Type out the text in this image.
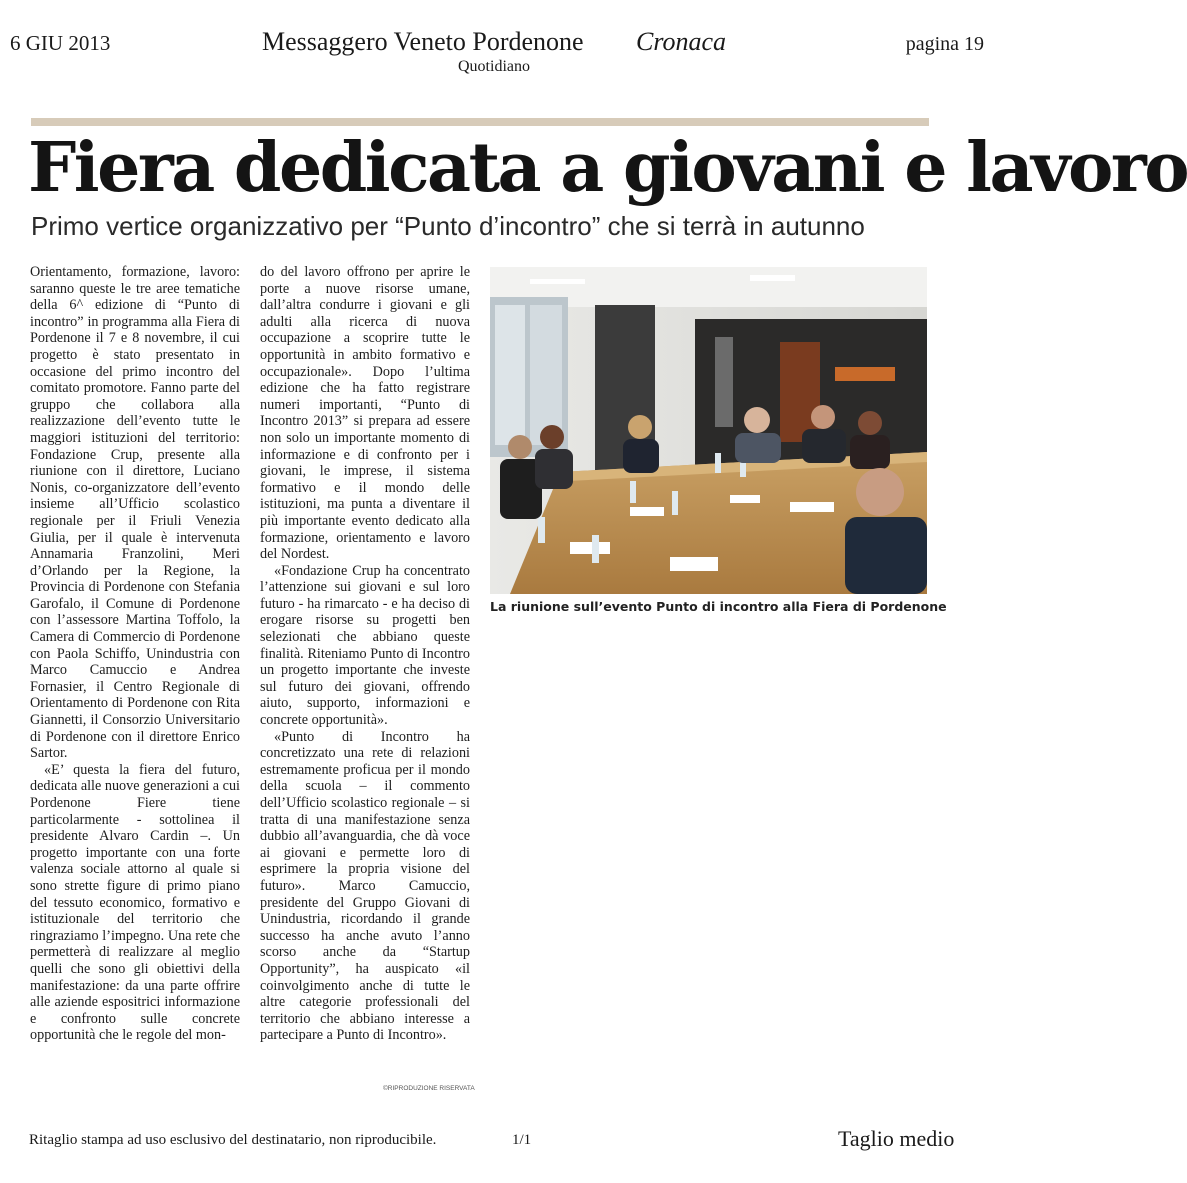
6 GIU 2013	Messaggero Veneto Pordenone Cronaca
Quotidiano
pagina 19
Fiera dedicata a giovani e lavoro
Primo vertice organizzativo per “Punto d’incontro” che si terrà in autunno

Orientamento, formazione, lavoro: saranno queste le tre aree tematiche della 6^ edizione di “Punto di incontro” in programma alla Fiera di Pordenone il 7 e 8 novembre, il cui progetto è stato presentato in occasione del primo incontro del comitato promotore. Fanno parte del gruppo che collabora alla realizzazione dell’evento tutte le maggiori istituzioni del territorio: Fondazione Crup, presente alla riunione con il direttore, Luciano Nonis, co-organizzatore dell’evento insieme all’Ufficio scolastico regionale per il Friuli Venezia Giulia, per il quale è intervenuta Annamaria Franzolini, Meri d’Orlando per la Regione, la Provincia di Pordenone con Stefania Garofalo, il Comune di Pordenone con l’assessore Martina Toffolo, la Camera di Commercio di Pordenone con Paola Schiffo, Unindustria con Marco Camuccio e Andrea Fornasier, il Centro Regionale di Orientamento di Pordenone con Rita Giannetti, il Consorzio Universitario di Pordenone con il direttore Enrico Sartor.

«E’ questa la fiera del futuro, dedicata alle nuove generazioni a cui Pordenone Fiere tiene particolarmente - sottolinea il presidente Alvaro Cardin –. Un progetto importante con una forte valenza sociale attorno al quale si sono strette figure di primo piano del tessuto economico, formativo e istituzionale del territorio che ringraziamo l’impegno. Una rete che permetterà di realizzare al meglio quelli che sono gli obiettivi della manifestazione: da una parte offrire alle aziende espositrici informazione e confronto sulle concrete opportunità che le regole del mon-

do del lavoro offrono per aprire le porte a nuove risorse umane, dall’altra condurre i giovani e gli adulti alla ricerca di nuova occupazione a scoprire tutte le opportunità in ambito formativo e occupazionale». Dopo l’ultima edizione che ha fatto registrare numeri importanti, “Punto di Incontro 2013” si prepara ad essere non solo un importante momento di informazione e di confronto per i giovani, le imprese, il sistema formativo e il mondo delle istituzioni, ma punta a diventare il più importante evento dedicato alla formazione, orientamento e lavoro del Nordest.

«Fondazione Crup ha concentrato l’attenzione sui giovani e sul loro futuro - ha rimarcato - e ha deciso di erogare risorse su progetti ben selezionati che abbiano queste finalità. Riteniamo Punto di Incontro un progetto importante che investe sul futuro dei giovani, offrendo aiuto, supporto, informazioni e concrete opportunità».

«Punto di Incontro ha concretizzato una rete di relazioni estremamente proficua per il mondo della scuola – il commento dell’Ufficio scolastico regionale – si tratta di una manifestazione senza dubbio all’avanguardia, che dà voce ai giovani e permette loro di esprimere la propria visione del futuro». Marco Camuccio, presidente del Gruppo Giovani di Unindustria, ricordando il grande successo ha anche avuto l’anno scorso anche da “Startup Opportunity”, ha auspicato «il coinvolgimento anche di tutte le altre categorie professionali del territorio che abbiano interesse a partecipare a Punto di Incontro».

La riunione sull’evento Punto di incontro alla Fiera di Pordenone

©RIPRODUZIONE RISERVATA
Ritaglio stampa ad uso esclusivo del destinatario, non riproducibile.	1/1	Taglio medio
